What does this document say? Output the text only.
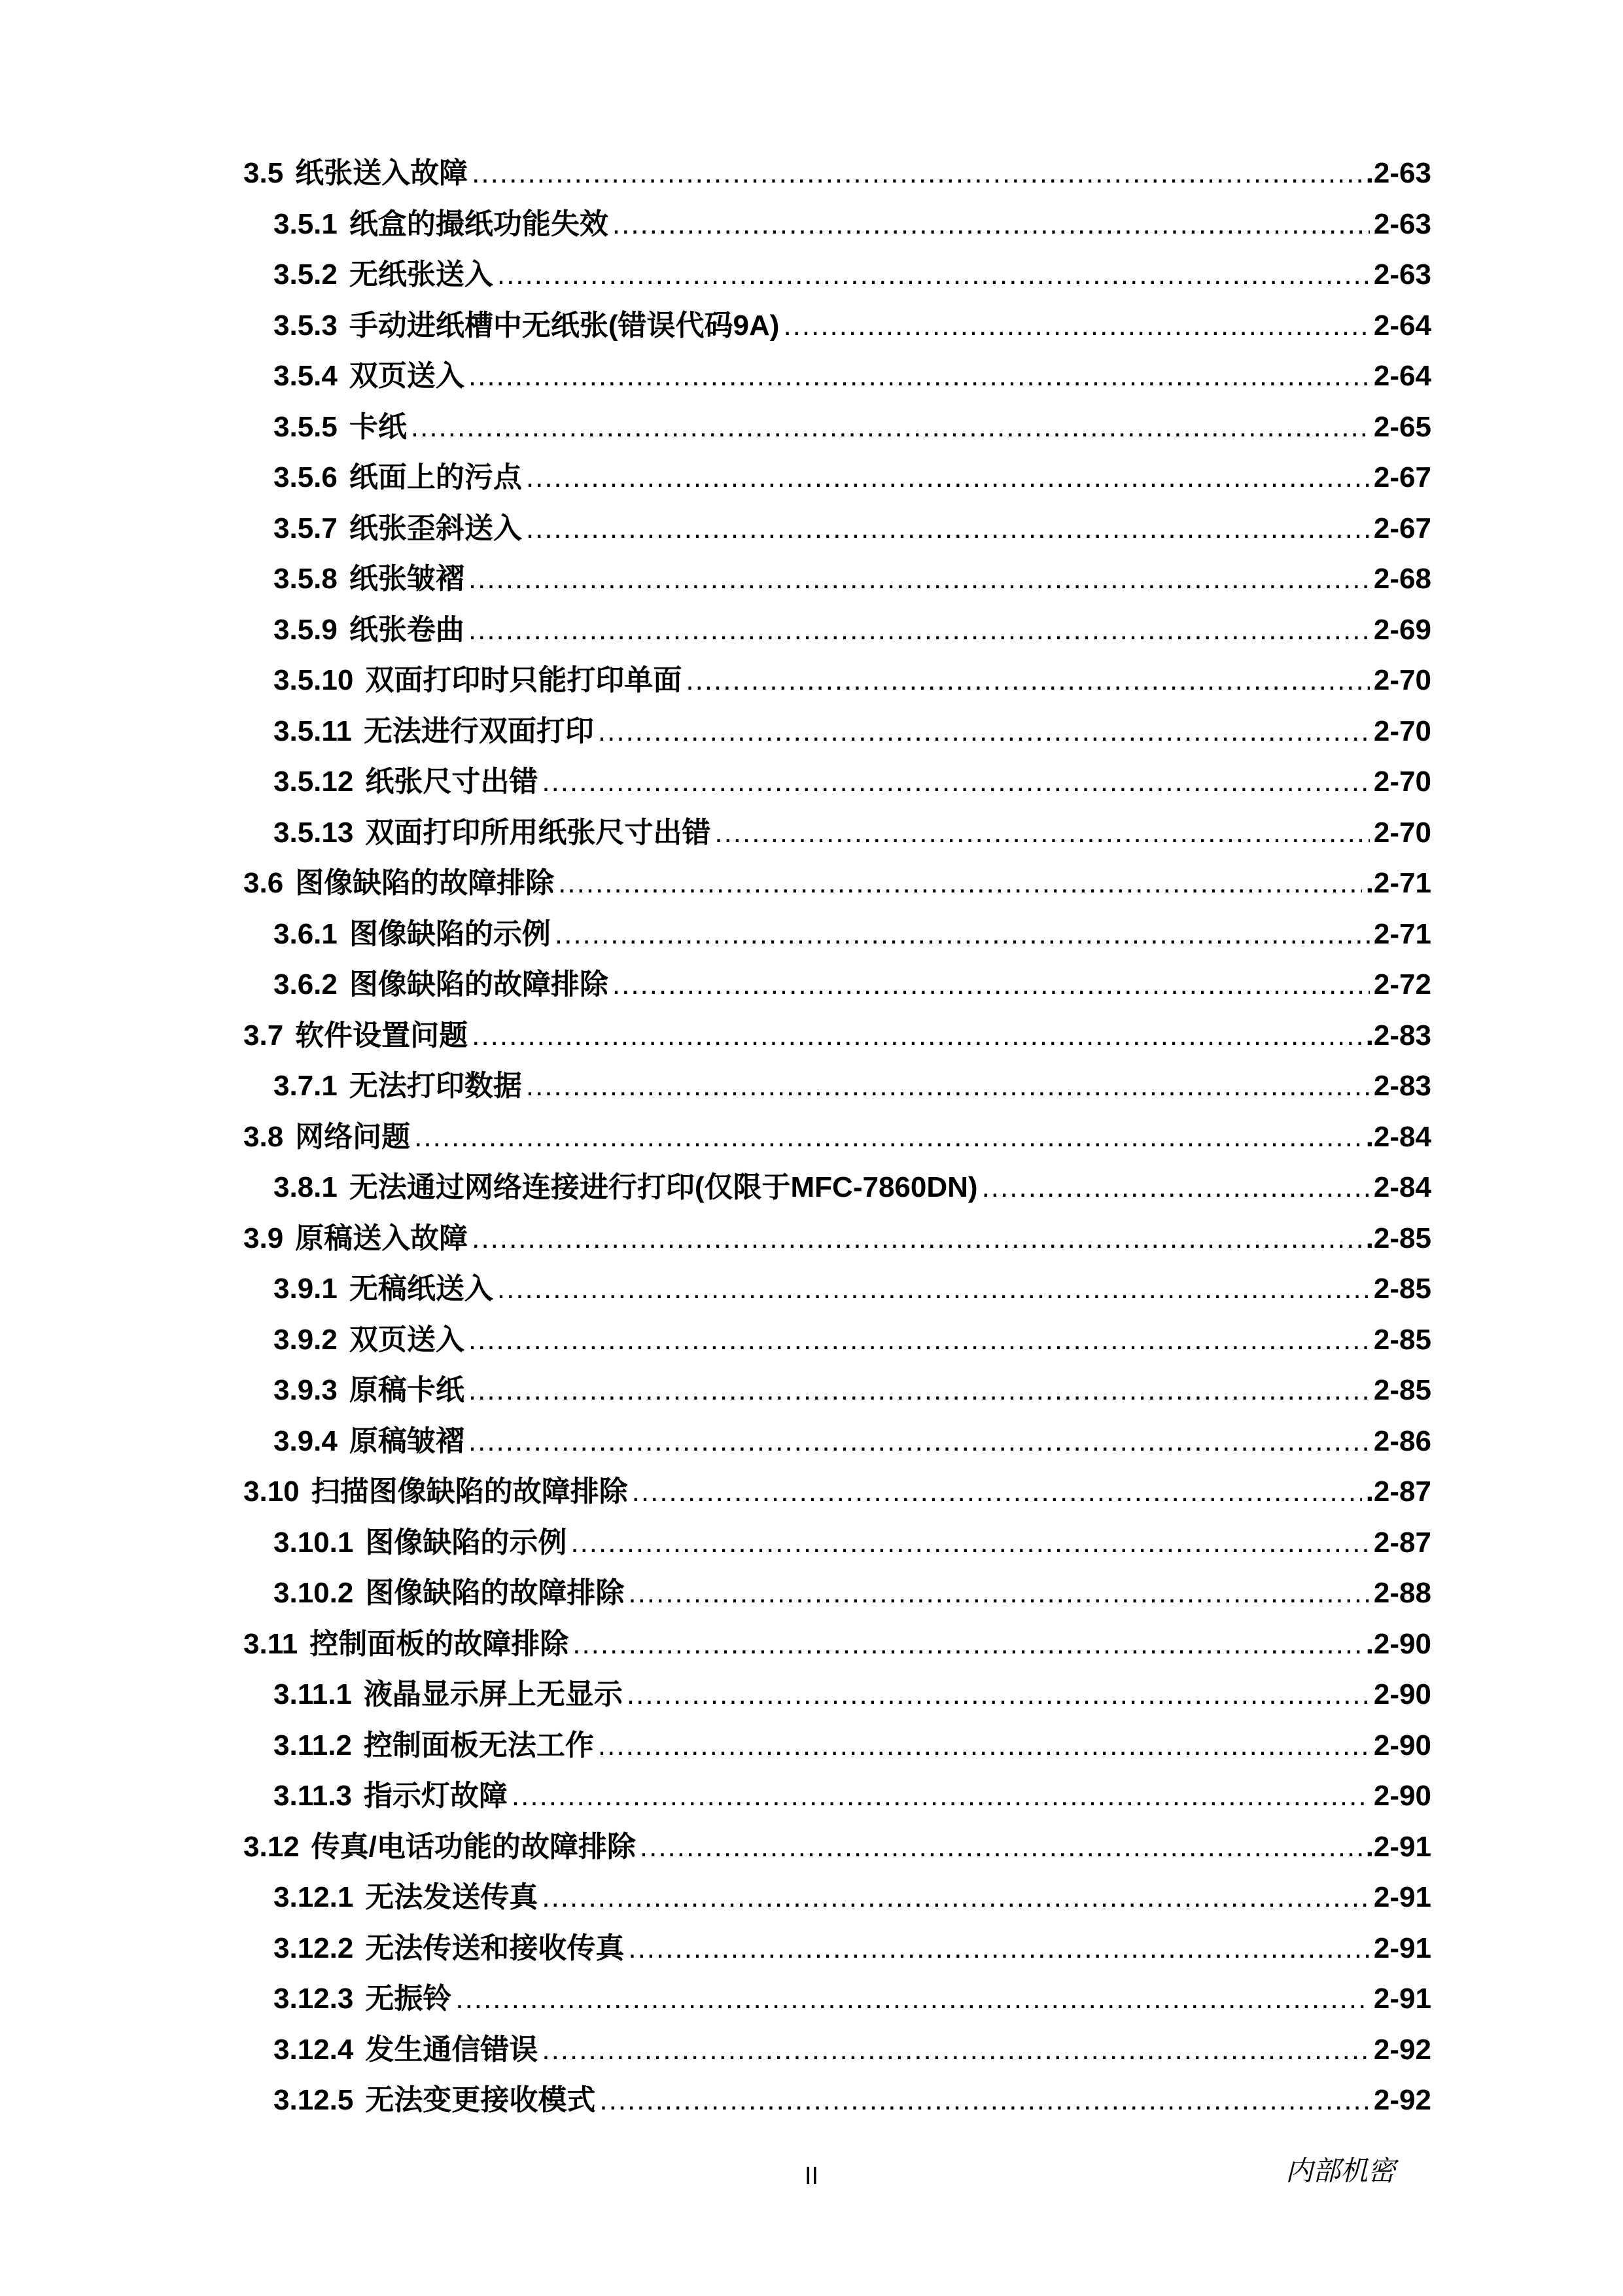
3.5 纸张送入故障 .....	.2-63
3.5.1 纸盒的撮纸功能失效 .....	2-63
3.5.2 无纸张送入 .....	2-63
3.5.3 手动进纸槽中无纸张(错误代码9A) .....	2-64
3.5.4 双页送入 .....	2-64
3.5.5 卡纸 .....	2-65
3.5.6 纸面上的污点 .....	2-67
3.5.7 纸张歪斜送入 .....	2-67
3.5.8 纸张皱褶 .....	2-68
3.5.9 纸张卷曲 .....	2-69
3.5.10 双面打印时只能打印单面 .....	2-70
3.5.11 无法进行双面打印 .....	2-70
3.5.12 纸张尺寸出错 .....	2-70
3.5.13 双面打印所用纸张尺寸出错 .....	2-70
3.6 图像缺陷的故障排除 .....	.2-71
3.6.1 图像缺陷的示例 .....	2-71
3.6.2 图像缺陷的故障排除 .....	2-72
3.7 软件设置问题 .....	.2-83
3.7.1 无法打印数据 .....	2-83
3.8 网络问题 .....	.2-84
3.8.1 无法通过网络连接进行打印(仅限于MFC-7860DN) .....	2-84
3.9 原稿送入故障 .....	.2-85
3.9.1 无稿纸送入 .....	2-85
3.9.2 双页送入 .....	2-85
3.9.3 原稿卡纸 .....	2-85
3.9.4 原稿皱褶 .....	2-86
3.10 扫描图像缺陷的故障排除 .....	.2-87
3.10.1 图像缺陷的示例 .....	2-87
3.10.2 图像缺陷的故障排除 .....	2-88
3.11 控制面板的故障排除 .....	.2-90
3.11.1 液晶显示屏上无显示 .....	2-90
3.11.2 控制面板无法工作 .....	2-90
3.11.3 指示灯故障 .....	2-90
3.12 传真/电话功能的故障排除 .....	.2-91
3.12.1 无法发送传真 .....	2-91
3.12.2 无法传送和接收传真 .....	2-91
3.12.3 无振铃 .....	2-91
3.12.4 发生通信错误 .....	2-92
3.12.5 无法变更接收模式 .....	2-92
II	内部机密
